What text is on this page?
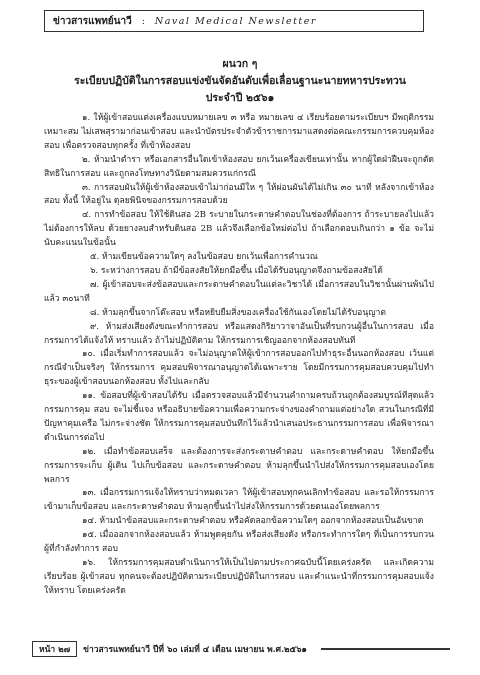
ข่าวสารแพทย์นาวี : Naval Medical Newsletter
ผนวก ๆ
ระเบียบปฏิบัติในการสอบแข่งขันจัดอันดับเพื่อเลื่อนฐานะนายทหารประทวน
ประจำปี ๒๕๖๑

๑. ให้ผู้เข้าสอบแต่งเครื่องแบบหมายเลข ๓ หรือ หมายเลข ๔ เรียบร้อยตามระเบียบฯ มีพฤติกรรมเหมาะสม ไม่เสพสุรามาก่อนเข้าสอบ และนำบัตรประจำตัวข้าราชการมาแสดงต่อคณะกรรมการควบคุมห้องสอบ เพื่อตรวจสอบทุกครั้ง ที่เข้าห้องสอบ

๒. ห้ามนำตำรา หรือเอกสารอื่นใดเข้าห้องสอบ ยกเว้นเครื่องเขียนเท่านั้น หากผู้ใดฝ่าฝืนจะถูกตัดสิทธิในการสอบ และถูกลงโทษทางวินัยตามสมควรแก่กรณี

๓. การสอบผันให้ผู้เข้าห้องสอบเข้าไม่าก่อนมีให ๆ ให้ผ่อนผันได้ไม่เกิน ๓๐ นาที หลังจากเข้าห้องสอบ ทั้งนี้ ให้อยู่ใน ดุลยพินิจของกรรมการสอบด้วย

๔. การทำข้อสอบ ให้ใช้ดินสอ 2B ระบายในกระดาษคำตอบในช่องที่ต้องการ ถ้าระบายลงไปแล้วไม่ต้องการให้ลบ ด้วยยางลบสำหรับดินสอ 2B แล้วจึงเลือกข้อใหม่ต่อไป ถ้าเลือกตอบเกินกว่า ๑ ข้อ จะไม่นับคะแนนในข้อนั้น

๕. ห้ามเขียนข้อความใดๆ ลงในข้อสอบ ยกเว้นเพื่อการคำนวณ

๖. ระหว่างการสอบ ถ้ามีข้อสงสัยให้ยกมือขึ้น เมื่อได้รับอนุญาตจึงถามข้อสงสัยได้

๗. ผู้เข้าสอบจะส่งข้อสอบและกระดาษคำตอบในแต่ละวิชาได้ เมื่อการสอบในวิชานั้นผ่านพ้นไปแล้ว ๓๐นาที

๘. ห้ามลุกขึ้นจากโต๊ะสอบ หรือหยิบยืมสิ่งของเครื่องใช้กันเองโดยไม่ได้รับอนุญาต

๙. ห้ามส่งเสียงดังขณะทำการสอบ หรือแสดงกิริยาวาจาอันเป็นที่รบกวนผู้อื่นในการสอบ เมื่อกรรมการได้แจ้งให้ ทราบแล้ว ถ้าไม่ปฏิบัติตาม ให้กรรมการเชิญออกจากห้องสอบทันที

๑๐. เมื่อเริ่มทำการสอบแล้ว จะไม่อนุญาตให้ผู้เข้าการสอบออกไปทำธุระอื่นนอกห้องสอบ เว้นแต่กรณีจำเป็นจริงๆ ให้กรรมการ คุมสอบพิจารณาอนุญาตได้เฉพาะราย โดยมีกรรมการคุมสอบควบคุมไปทำธุระของผู้เข้าสอบนอกห้องสอบ ทั้งไปและกลับ

๑๑. ข้อสอบที่ผู้เข้าสอบได้รับ เมื่อตรวจสอบแล้วมีจำนวนคำถามครบถ้วนถูกต้องสมบูรณ์ทีสุดแล้ว กรรมการคุม สอบ จะไม่ชี้แจง หรืออธิบายข้อความเพื่อความกระจ่างของคำถามแต่อย่างใด สวนในกรณีที่มีปัญหาคุมเครือ ไม่กระจ่างชัด ให้กรรมการคุมสอบบันทึกไว้แล้วนำเสนอประธานกรรมการสอบ เพื่อพิจารณาดำเนินการต่อไป

๑๒. เมื่อทำข้อสอบเสร็จ และต้องการจะส่งกระดาษคำตอบ และกระดาษคำตอบ ให้ยกมือขึ้น กรรมการจะเก็บ ผู้เดิน ไปเก็บข้อสอบ และกระดาษคำตอบ ห้ามลุกขึ้นนำไปส่งให้กรรมการคุมสอบเองโดยพลการ

๑๓. เมื่อกรรมการแจ้งให้ทราบว่าหมดเวลา ให้ผู้เข้าสอบทุกคนเลิกทำข้อสอบ และรอให้กรรมการเข้ามาเก็บข้อสอบ และกระดาษคำตอบ ห้ามลุกขึ้นนำไปส่งให้กรรมการด้วยตนเองโดยพลการ

๑๔. ห้ามนำข้อสอบและกระดาษคำตอบ หรือคัดลอกข้อความใดๆ ออกจากห้องสอบเป็นอันขาด

๑๕. เมื่อออกจากห้องสอบแล้ว ห้ามพูดคุยกัน หรือส่งเสียงดัง หรือกระทำการใดๆ ที่เป็นการรบกวนผู้ที่กำลังทำการ สอบ

๑๖. ให้กรรมการคุมสอบดำเนินการให้เป็นไปตามประกาศฉบับนี้โดยเคร่งครัด และเกิดความเรียบร้อย ผู้เข้าสอบ ทุกคนจะต้องปฏิบัติตามระเบียบปฏิบัติในการสอบ และคำแนะนำที่กรรมการคุมสอบแจ้งให้ทราบ โดยเคร่งครัด

หน้า ๒๗	ข่าวสารแพทย์นาวี ปีที่ ๖๐ เล่มที่ ๔ เดือน เมษายน พ.ศ.๒๕๖๑
